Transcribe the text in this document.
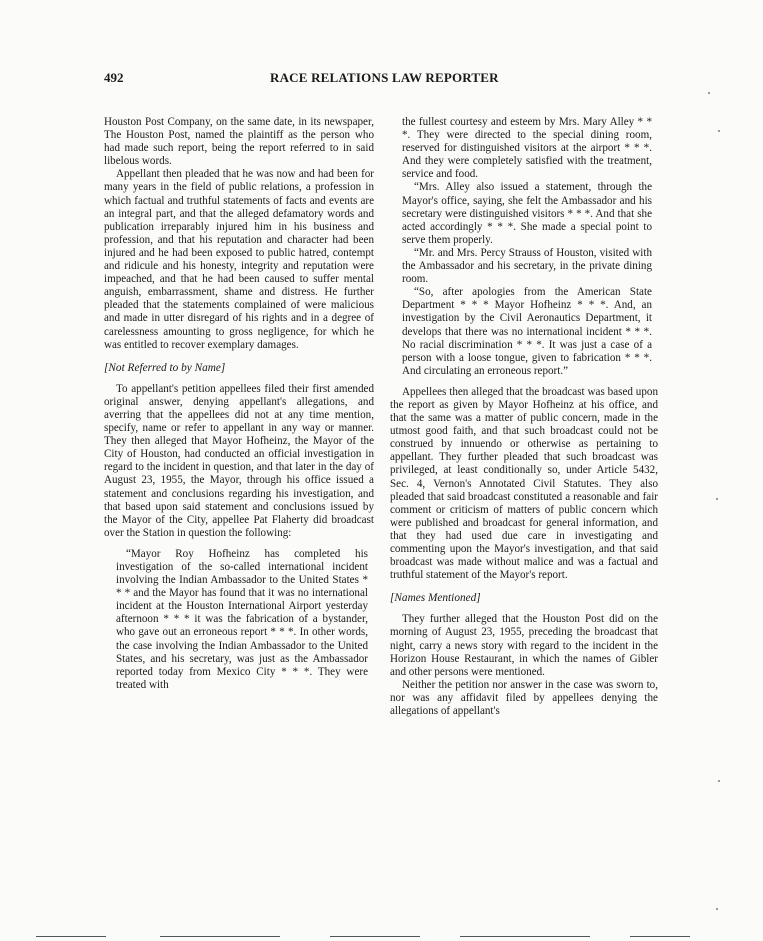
492	RACE RELATIONS LAW REPORTER

Houston Post Company, on the same date, in its newspaper, The Houston Post, named the plaintiff as the person who had made such report, being the report referred to in said libelous words.

Appellant then pleaded that he was now and had been for many years in the field of public relations, a profession in which factual and truthful statements of facts and events are an integral part, and that the alleged defamatory words and publication irreparably injured him in his business and profession, and that his reputation and character had been injured and he had been exposed to public hatred, contempt and ridicule and his honesty, integrity and reputation were impeached, and that he had been caused to suffer mental anguish, embarrassment, shame and distress. He further pleaded that the statements complained of were malicious and made in utter disregard of his rights and in a degree of carelessness amounting to gross negligence, for which he was entitled to recover exemplary damages.

[Not Referred to by Name]

To appellant's petition appellees filed their first amended original answer, denying appellant's allegations, and averring that the appellees did not at any time mention, specify, name or refer to appellant in any way or manner. They then alleged that Mayor Hofheinz, the Mayor of the City of Houston, had conducted an official investigation in regard to the incident in question, and that later in the day of August 23, 1955, the Mayor, through his office issued a statement and conclusions regarding his investigation, and that based upon said statement and conclusions issued by the Mayor of the City, appellee Pat Flaherty did broadcast over the Station in question the following:

“Mayor Roy Hofheinz has completed his investigation of the so-called international incident involving the Indian Ambassador to the United States * * * and the Mayor has found that it was no international incident at the Houston International Airport yesterday afternoon * * * it was the fabrication of a bystander, who gave out an erroneous report * * *. In other words, the case involving the Indian Ambassador to the United States, and his secretary, was just as the Ambassador reported today from Mexico City * * *. They were treated with

the fullest courtesy and esteem by Mrs. Mary Alley * * *. They were directed to the special dining room, reserved for distinguished visitors at the airport * * *. And they were completely satisfied with the treatment, service and food.

“Mrs. Alley also issued a statement, through the Mayor's office, saying, she felt the Ambassador and his secretary were distinguished visitors * * *. And that she acted accordingly * * *. She made a special point to serve them properly.

“Mr. and Mrs. Percy Strauss of Houston, visited with the Ambassador and his secretary, in the private dining room.

“So, after apologies from the American State Department * * * Mayor Hofheinz * * *. And, an investigation by the Civil Aeronautics Department, it develops that there was no international incident * * *. No racial discrimination * * *. It was just a case of a person with a loose tongue, given to fabrication * * *. And circulating an erroneous report.”

Appellees then alleged that the broadcast was based upon the report as given by Mayor Hofheinz at his office, and that the same was a matter of public concern, made in the utmost good faith, and that such broadcast could not be construed by innuendo or otherwise as pertaining to appellant. They further pleaded that such broadcast was privileged, at least conditionally so, under Article 5432, Sec. 4, Vernon's Annotated Civil Statutes. They also pleaded that said broadcast constituted a reasonable and fair comment or criticism of matters of public concern which were published and broadcast for general information, and that they had used due care in investigating and commenting upon the Mayor's investigation, and that said broadcast was made without malice and was a factual and truthful statement of the Mayor's report.

[Names Mentioned]

They further alleged that the Houston Post did on the morning of August 23, 1955, preceding the broadcast that night, carry a news story with regard to the incident in the Horizon House Restaurant, in which the names of Gibler and other persons were mentioned.

Neither the petition nor answer in the case was sworn to, nor was any affidavit filed by appellees denying the allegations of appellant's
